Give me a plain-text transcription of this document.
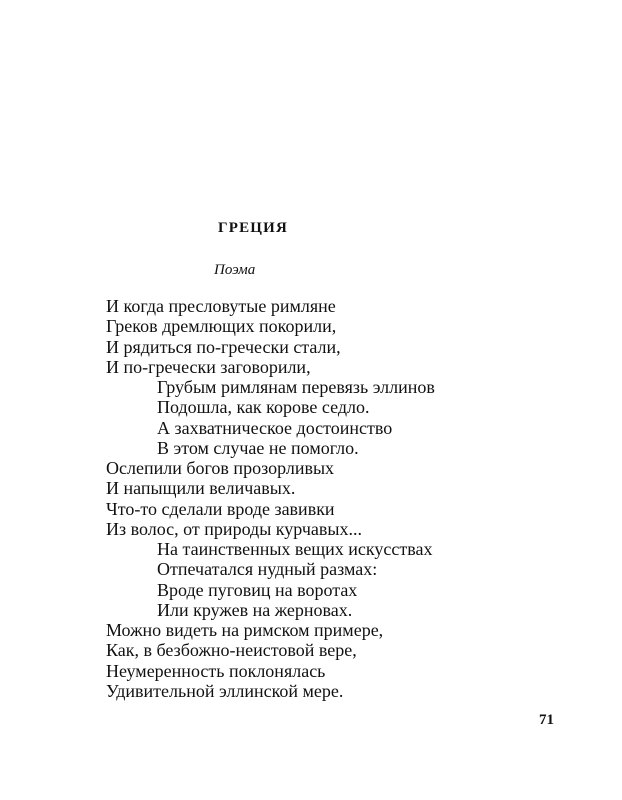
ГРЕЦИЯ
Поэма
И когда пресловутые римляне
Греков дремлющих покорили,
И рядиться по-гречески стали,
И по-гречески заговорили,
Грубым римлянам перевязь эллинов
Подошла, как корове седло.
А захватническое достоинство
В этом случае не помогло.
Ослепили богов прозорливых
И напыщили величавых.
Что-то сделали вроде завивки
Из волос, от природы курчавых...
На таинственных вещих искусствах
Отпечатался нудный размах:
Вроде пуговиц на воротах
Или кружев на жерновах.
Можно видеть на римском примере,
Как, в безбожно-неистовой вере,
Неумеренность поклонялась
Удивительной эллинской мере.
71
